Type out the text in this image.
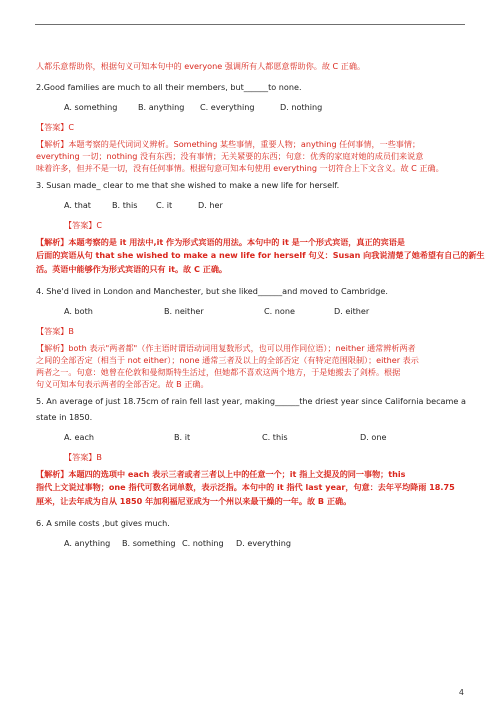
人都乐意帮助你，根据句义可知本句中的 everyone 强调所有人都愿意帮助你。故 C 正确。
2.Good families are much to all their members, but______to none.
A. something	B. anything	C. everything	D. nothing
【答案】C
【解析】本题考察的是代词词义辨析。Something 某些事情，重要人物；anything 任何事情，一些事情；
everything 一切；nothing 没有东西；没有事情；无关紧要的东西；句意：优秀的家庭对她的成员们来说意
味着许多，但并不是一切，没有任何事情。根据句意可知本句使用 everything 一切符合上下文含义。故 C 正确。
3. Susan made_ clear to me that she wished to make a new life for herself.
A. that	B. this	C. it	D. her
【答案】C
【解析】本题考察的是 it 用法中,it 作为形式宾语的用法。本句中的 it 是一个形式宾语，真正的宾语是
后面的宾语从句 that she wished to make a new life for herself 句义：Susan 向我说清楚了她希望有自己的新生
活。英语中能够作为形式宾语的只有 it。故 C 正确。
4. She'd lived in London and Manchester, but she liked______and moved to Cambridge.
A. both	B. neither	C. none	D. either
【答案】B
【解析】both 表示"两者都"（作主语时谓语动词用复数形式，也可以用作同位语）；neither 通常辨析两者
之间的全部否定（相当于 not either）；none 通常三者及以上的全部否定（有特定范围限制）；either 表示
两者之一。句意：她曾在伦敦和曼彻斯特生活过，但她都不喜欢这两个地方，于是她搬去了剑桥。根据
句义可知本句表示两者的全部否定。故 B 正确。
5. An average of just 18.75cm of rain fell last year, making______the driest year since California became a
state in 1850.
A. each	B. it	C. this	D. one
【答案】B
【解析】本题四的选项中 each 表示三者或者三者以上中的任意一个；it 指上文提及的同一事物；this
指代上文说过事物；one 指代可数名词单数，表示泛指。本句中的 it 指代 last year，句意：去年平均降雨 18.75
厘米，让去年成为自从 1850 年加利福尼亚成为一个州以来最干燥的一年。故 B 正确。
6. A smile costs ,but gives much.
A. anything	B. something C. nothing	D. everything
4
